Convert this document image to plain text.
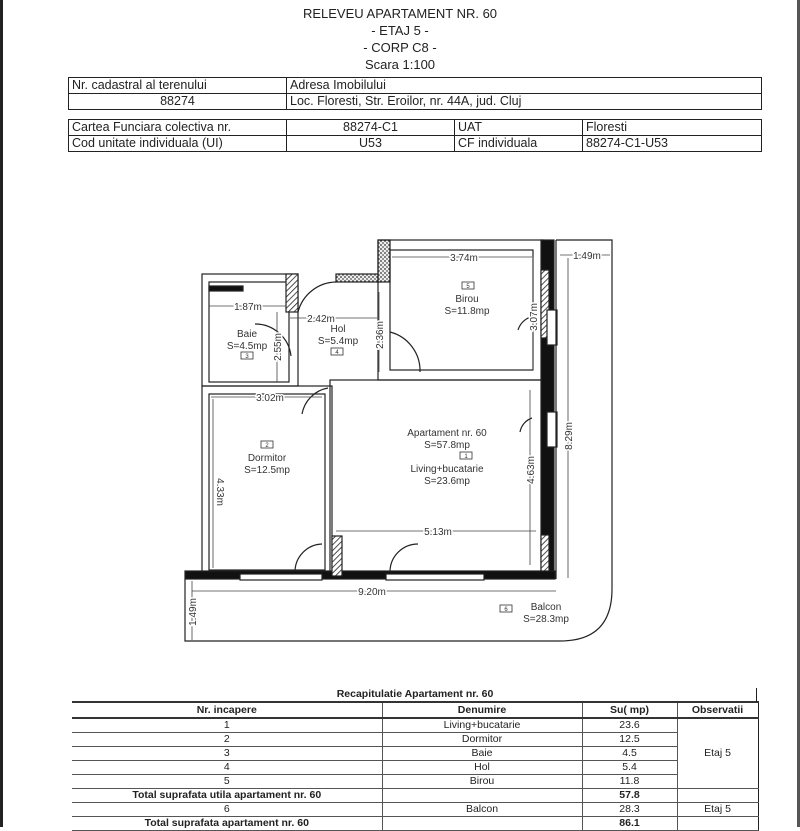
RELEVEU APARTAMENT NR. 60
- ETAJ 5 -
- CORP C8 -
Scara 1:100
Nr. cadastral al terenului	Adresa Imobilului
88274	Loc. Floresti, Str. Eroilor, nr. 44A, jud. Cluj
Cartea Funciara colectiva nr.	88274-C1	UAT	Floresti
Cod unitate individuala (UI)	U53	CF individuala	88274-C1-U53
3
4
5
2
1
6
Baie
S=4.5mp
Hol
S=5.4mp
Birou
S=11.8mp
Dormitor
S=12.5mp
Apartament nr. 60
S=57.8mp
Living+bucatarie
S=23.6mp
Balcon
S=28.3mp
1.87m
2.42m
3.74m	1.49m
3.02m
5.13m
9.20m
2.55m	2.36m
3.07m
4.33m
4.63m
8.29m
1.49m
Recapitulatie Apartament nr. 60
Nr. incapere	Denumire	Su( mp)	Observatii
1	Living+bucatarie	23.6	Etaj 5
2	Dormitor	12.5	
3	Baie	4.5	
4	Hol	5.4	
5	Birou	11.8	
Total suprafata utila apartament nr. 60		57.8	
6	Balcon	28.3	Etaj 5
Total suprafata apartament nr. 60		86.1	
